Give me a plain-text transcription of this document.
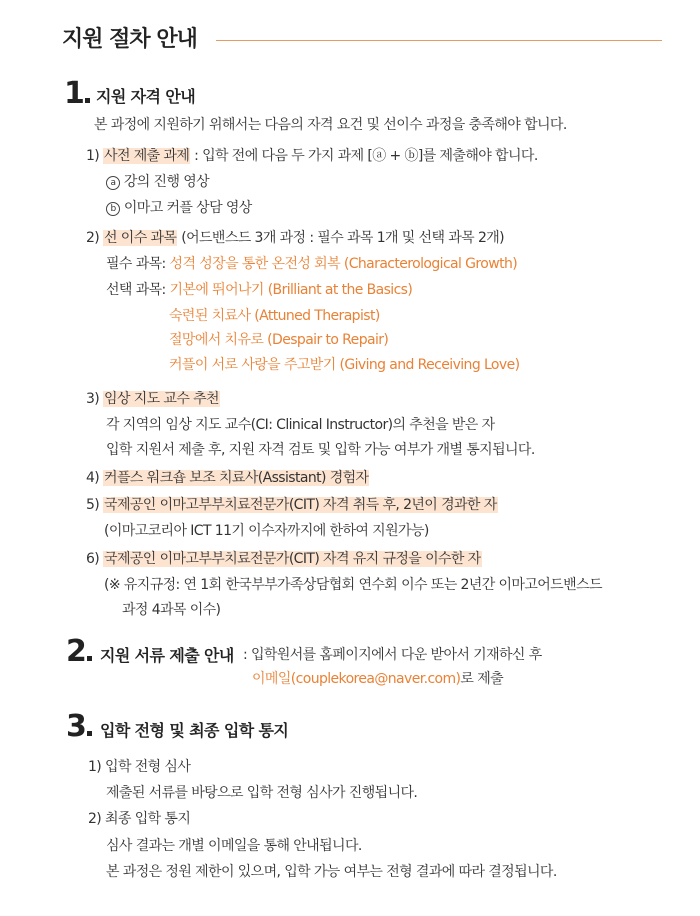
지원 절차 안내
1 지원 자격 안내
본 과정에 지원하기 위해서는 다음의 자격 요건 및 선이수 과정을 충족해야 합니다.
1) 사전 제출 과제 : 입학 전에 다음 두 가지 과제 [ⓐ + ⓑ]를 제출해야 합니다.
a 강의 진행 영상
b 이마고 커플 상담 영상
2) 선 이수 과목 (어드밴스드 3개 과정 : 필수 과목 1개 및 선택 과목 2개)
필수 과목: 성격 성장을 통한 온전성 회복 (Characterological Growth)
선택 과목: 기본에 뛰어나기 (Brilliant at the Basics)
숙련된 치료사 (Attuned Therapist)
절망에서 치유로 (Despair to Repair)
커플이 서로 사랑을 주고받기 (Giving and Receiving Love)
3) 임상 지도 교수 추천
각 지역의 임상 지도 교수(CI: Clinical Instructor)의 추천을 받은 자
입학 지원서 제출 후, 지원 자격 검토 및 입학 가능 여부가 개별 통지됩니다.
4) 커플스 워크숍 보조 치료사(Assistant) 경험자
5) 국제공인 이마고부부치료전문가(CIT) 자격 취득 후, 2년이 경과한 자
(이마고코리아 ICT 11기 이수자까지에 한하여 지원가능)
6) 국제공인 이마고부부치료전문가(CIT) 자격 유지 규정을 이수한 자
(※ 유지규정: 연 1회 한국부부가족상담협회 연수회 이수 또는 2년간 이마고어드밴스드
과정 4과목 이수)
2 지원 서류 제출 안내 : 입학원서를 홈페이지에서 다운 받아서 기재하신 후
이메일(couplekorea@naver.com)로 제출
3 입학 전형 및 최종 입학 통지
1) 입학 전형 심사
제출된 서류를 바탕으로 입학 전형 심사가 진행됩니다.
2) 최종 입학 통지
심사 결과는 개별 이메일을 통해 안내됩니다.
본 과정은 정원 제한이 있으며, 입학 가능 여부는 전형 결과에 따라 결정됩니다.
